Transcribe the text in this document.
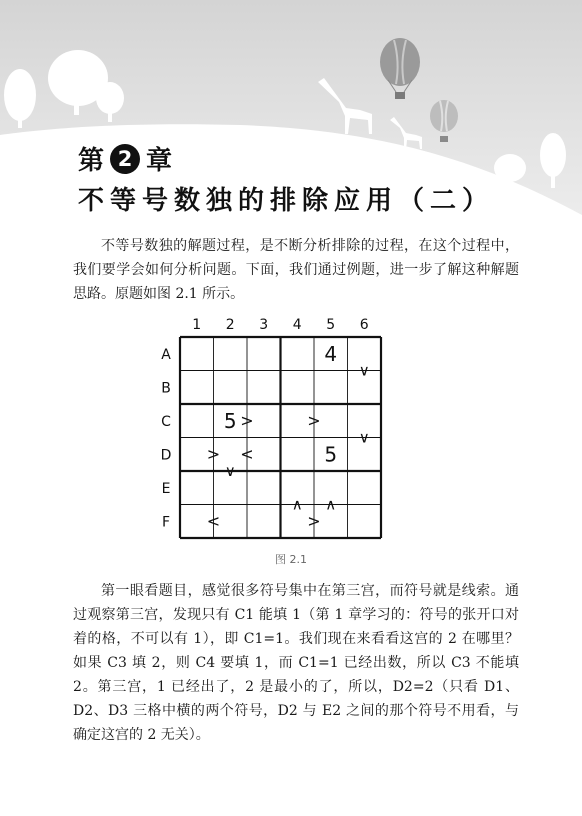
第 2 章
不等号数独的排除应用（二）

不等号数独的解题过程，是不断分析排除的过程，在这个过程中，我们要学会如何分析问题。下面，我们通过例题，进一步了解这种解题思路。原题如图 2.1 所示。

1 2 3 4 5 6
A
B
C
D
E
F
4
5
5
>	>
> <
<	>
∨
∨
∨
∧ ∧
图 2.1

第一眼看题目，感觉很多符号集中在第三宫，而符号就是线索。通过观察第三宫，发现只有 C1 能填 1（第 1 章学习的：符号的张开口对着的格，不可以有 1），即 C1=1。我们现在来看看这宫的 2 在哪里？如果 C3 填 2，则 C4 要填 1，而 C1=1 已经出数，所以 C3 不能填 2。第三宫，1 已经出了，2 是最小的了，所以，D2=2（只看 D1、D2、D3 三格中横的两个符号，D2 与 E2 之间的那个符号不用看，与确定这宫的 2 无关）。
